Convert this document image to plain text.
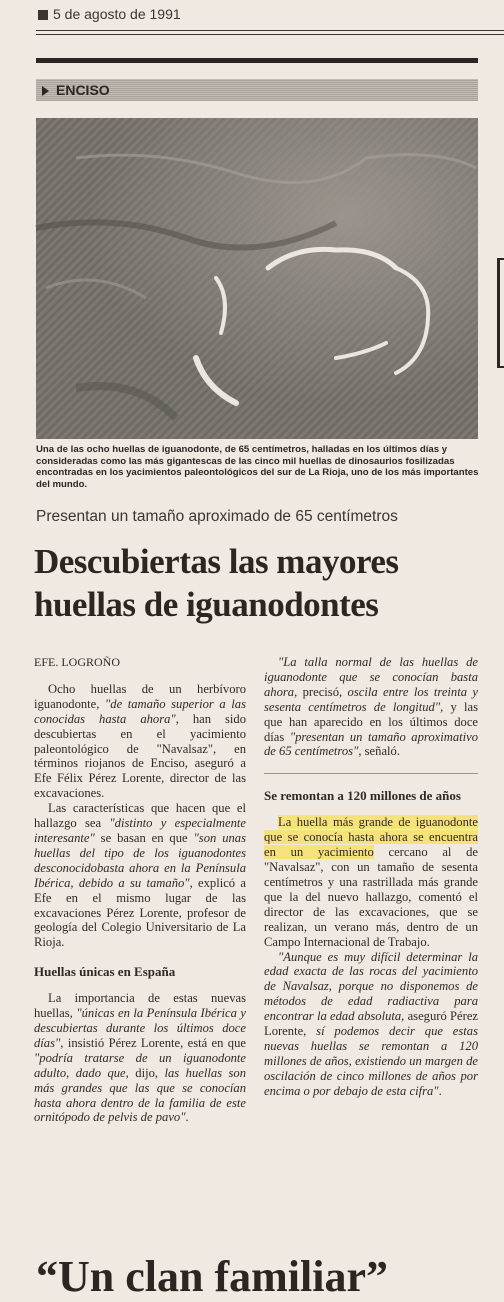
5 de agosto de 1991
ENCISO
Una de las ocho huellas de iguanodonte, de 65 centímetros, halladas en los últimos días y consideradas como las más gigantescas de las cinco mil huellas de dinosaurios fosilizadas encontradas en los yacimientos paleontológicos del sur de La Rioja, uno de los más importantes del mundo.
Presentan un tamaño aproximado de 65 centímetros
Descubiertas las mayores huellas de iguanodontes

EFE. LOGROÑO

Ocho huellas de un herbívoro iguanodonte, "de tamaño superior a las conocidas hasta ahora", han sido descubiertas en el yacimiento paleontológico de "Navalsaz", en términos riojanos de Enciso, aseguró a Efe Félix Pérez Lorente, director de las excavaciones.

Las características que hacen que el hallazgo sea "distinto y especialmente interesante" se basan en que "son unas huellas del tipo de los iguanodontes desconocidobasta ahora en la Península Ibérica, debido a su tamaño", explicó a Efe en el mismo lugar de las excavaciones Pérez Lorente, profesor de geología del Colegio Universitario de La Rioja.

Huellas únicas en España

La importancia de estas nuevas huellas, "únicas en la Península Ibérica y descubiertas durante los últimos doce días", insistió Pérez Lorente, está en que "podría tratarse de un iguanodonte adulto, dado que, dijo, las huellas son más grandes que las que se conocían hasta ahora dentro de la familia de este ornitópodo de pelvis de pavo".

"La talla normal de las huellas de iguanodonte que se conocían basta ahora, precisó, oscila entre los treinta y sesenta centímetros de longitud", y las que han aparecido en los últimos doce días "presentan un tamaño aproximativo de 65 centímetros", señaló.

Se remontan a 120 millones de años

La huella más grande de iguanodonte que se conocía hasta ahora se encuentra en un yacimiento cercano al de "Navalsaz", con un tamaño de sesenta centímetros y una rastrillada más grande que la del nuevo hallazgo, comentó el director de las excavaciones, que se realizan, un verano más, dentro de un Campo Internacional de Trabajo.

"Aunque es muy difícil determinar la edad exacta de las rocas del yacimiento de Navalsaz, porque no disponemos de métodos de edad radiactiva para encontrar la edad absoluta, aseguró Pérez Lorente, sí podemos decir que estas nuevas huellas se remontan a 120 millones de años, existiendo un margen de oscilación de cinco millones de años por encima o por debajo de esta cifra".

“Un clan familiar”
